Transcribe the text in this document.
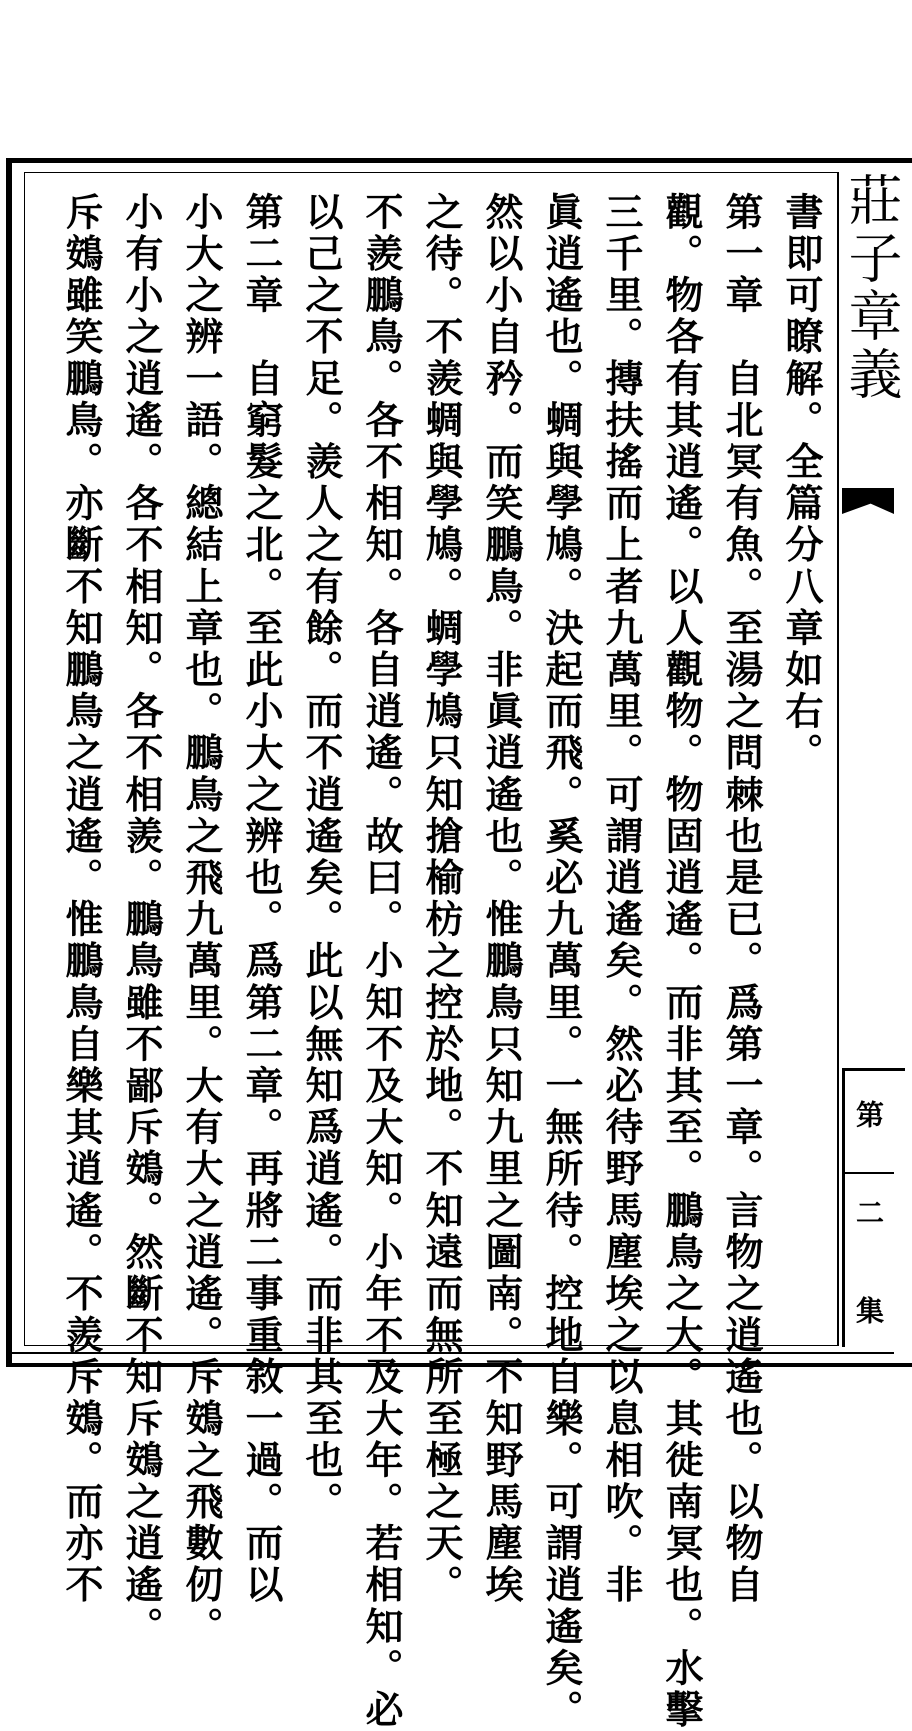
書即可瞭解。全篇分八章如右。
第一章　自北冥有魚。至湯之問棘也是已。爲第一章。言物之逍遙也。以物自
觀。物各有其逍遙。以人觀物。物固逍遙。而非其至。鵬鳥之大。其徙南冥也。水擊
三千里。摶扶搖而上者九萬里。可謂逍遙矣。然必待野馬塵埃之以息相吹。非
眞逍遙也。蜩與學鳩。決起而飛。奚必九萬里。一無所待。控地自樂。可謂逍遙矣。
然以小自矜。而笑鵬鳥。非眞逍遙也。惟鵬鳥只知九里之圖南。不知野馬塵埃
之待。不羨蜩與學鳩。蜩學鳩只知搶榆枋之控於地。不知遠而無所至極之天。
不羨鵬鳥。各不相知。各自逍遙。故曰。小知不及大知。小年不及大年。若相知。必
以己之不足。羨人之有餘。而不逍遙矣。此以無知爲逍遙。而非其至也。
第二章　自窮髮之北。至此小大之辨也。爲第二章。再將二事重敘一過。而以
小大之辨一語。總結上章也。鵬鳥之飛九萬里。大有大之逍遙。斥鴳之飛數仞。
小有小之逍遙。各不相知。各不相羨。鵬鳥雖不鄙斥鴳。然斷不知斥鴳之逍遙。
斥鴳雖笑鵬鳥。亦斷不知鵬鳥之逍遙。惟鵬鳥自樂其逍遙。不羨斥鴳。而亦不	莊子章義
第二集
